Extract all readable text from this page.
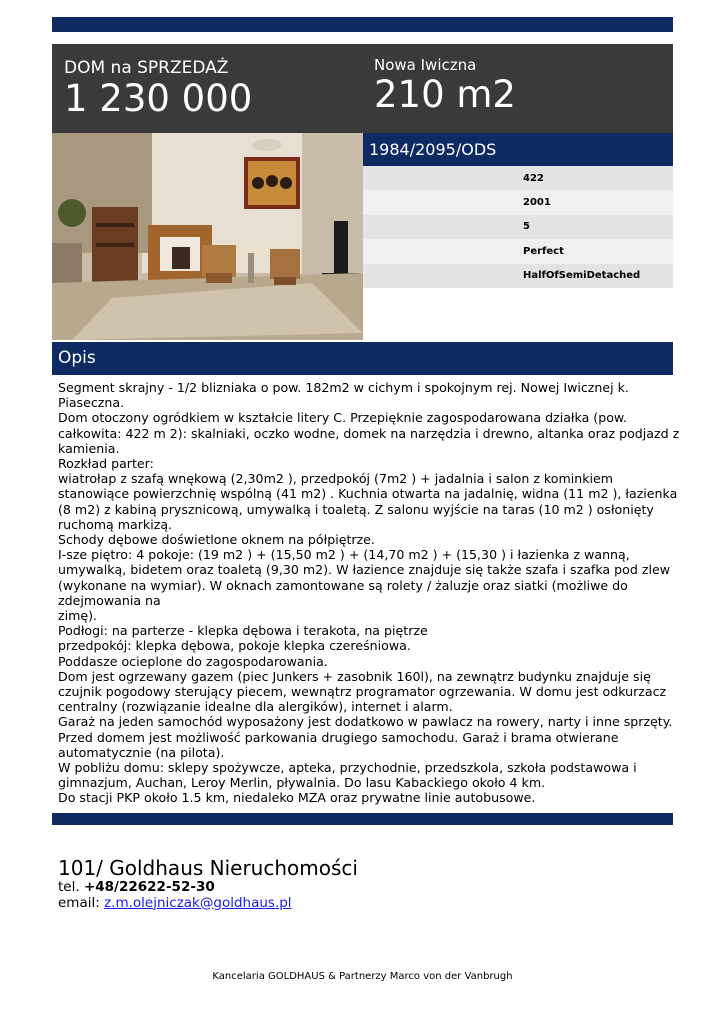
DOM na SPRZEDAŻ
1 230 000
Nowa Iwiczna
210 m2
1984/2095/ODS
422
2001
5
Perfect
HalfOfSemiDetached
Opis
Segment skrajny - 1/2 blizniaka o pow. 182m2 w cichym i spokojnym rej. Nowej Iwicznej k.
Piaseczna.
Dom otoczony ogródkiem w kształcie litery C. Przepięknie zagospodarowana działka (pow.
całkowita: 422 m 2): skalniaki, oczko wodne, domek na narzędzia i drewno, altanka oraz podjazd z
kamienia.
Rozkład parter:
wiatrołap z szafą wnękową (2,30m2 ), przedpokój (7m2 ) + jadalnia i salon z kominkiem
stanowiące powierzchnię wspólną (41 m2) . Kuchnia otwarta na jadalnię, widna (11 m2 ), łazienka
(8 m2) z kabiną prysznicową, umywalką i toaletą. Z salonu wyjście na taras (10 m2 ) osłonięty
ruchomą markizą.
Schody dębowe doświetlone oknem na półpiętrze.
I-sze piętro: 4 pokoje: (19 m2 ) + (15,50 m2 ) + (14,70 m2 ) + (15,30 ) i łazienka z wanną,
umywalką, bidetem oraz toaletą (9,30 m2). W łazience znajduje się także szafa i szafka pod zlew
(wykonane na wymiar). W oknach zamontowane są rolety / żaluzje oraz siatki (możliwe do
zdejmowania na
zimę).
Podłogi: na parterze - klepka dębowa i terakota, na piętrze
przedpokój: klepka dębowa, pokoje klepka czereśniowa.
Poddasze ocieplone do zagospodarowania.
Dom jest ogrzewany gazem (piec Junkers + zasobnik 160l), na zewnątrz budynku znajduje się
czujnik pogodowy sterujący piecem, wewnątrz programator ogrzewania. W domu jest odkurzacz
centralny (rozwiązanie idealne dla alergików), internet i alarm.
Garaż na jeden samochód wyposażony jest dodatkowo w pawlacz na rowery, narty i inne sprzęty.
Przed domem jest możliwość parkowania drugiego samochodu. Garaż i brama otwierane
automatycznie (na pilota).
W pobliżu domu: sklepy spożywcze, apteka, przychodnie, przedszkola, szkoła podstawowa i
gimnazjum, Auchan, Leroy Merlin, pływalnia. Do lasu Kabackiego około 4 km.
Do stacji PKP około 1.5 km, niedaleko MZA oraz prywatne linie autobusowe.
101/ Goldhaus Nieruchomości
tel. +48/22622-52-30
email: z.m.olejniczak@goldhaus.pl
Kancelaria GOLDHAUS & Partnerzy Marco von der Vanbrugh
